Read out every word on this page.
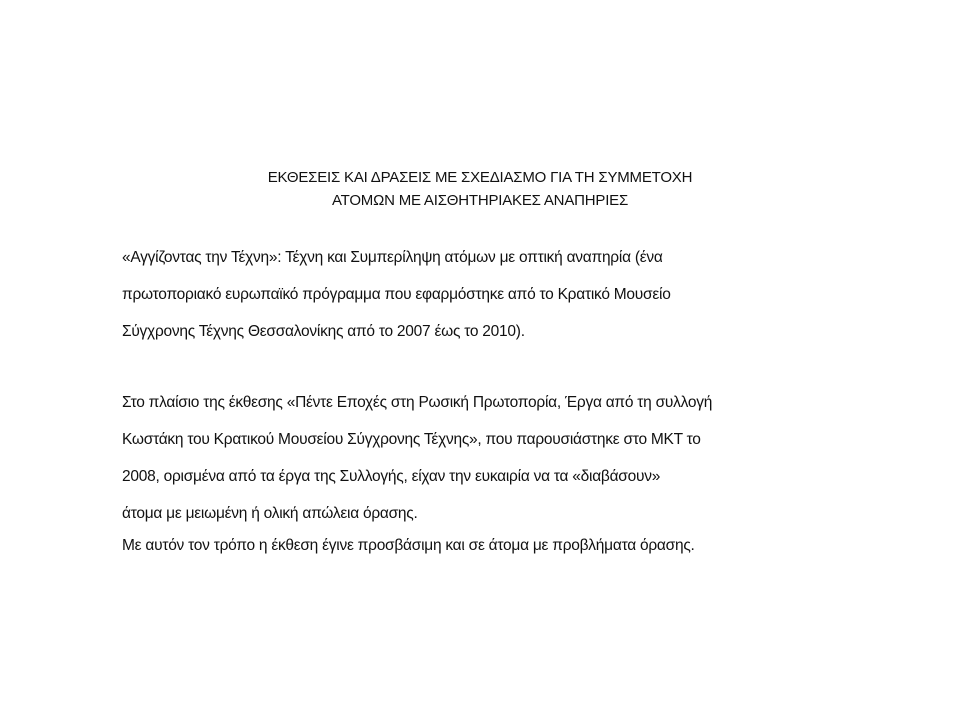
ΕΚΘΕΣΕΙΣ ΚΑΙ ΔΡΑΣΕΙΣ ΜΕ ΣΧΕΔΙΑΣΜΟ ΓΙΑ ΤΗ ΣΥΜΜΕΤΟΧΗ
ΑΤΟΜΩΝ ΜΕ ΑΙΣΘΗΤΗΡΙΑΚΕΣ ΑΝΑΠΗΡΙΕΣ
«Αγγίζοντας την Τέχνη»: Τέχνη και Συμπερίληψη ατόμων με οπτική αναπηρία (ένα
πρωτοποριακό ευρωπαϊκό πρόγραμμα που εφαρμόστηκε από το Κρατικό Μουσείο
Σύγχρονης Τέχνης Θεσσαλονίκης από το 2007 έως το 2010).
Στο πλαίσιο της έκθεσης «Πέντε Εποχές στη Ρωσική Πρωτοπορία, Έργα από τη συλλογή
Κωστάκη του Κρατικού Μουσείου Σύγχρονης Τέχνης», που παρουσιάστηκε στο ΜΚΤ το
2008, ορισμένα από τα έργα της Συλλογής, είχαν την ευκαιρία να τα «διαβάσουν»
άτομα με μειωμένη ή ολική απώλεια όρασης.
Με αυτόν τον τρόπο η έκθεση έγινε προσβάσιμη και σε άτομα με προβλήματα όρασης.
